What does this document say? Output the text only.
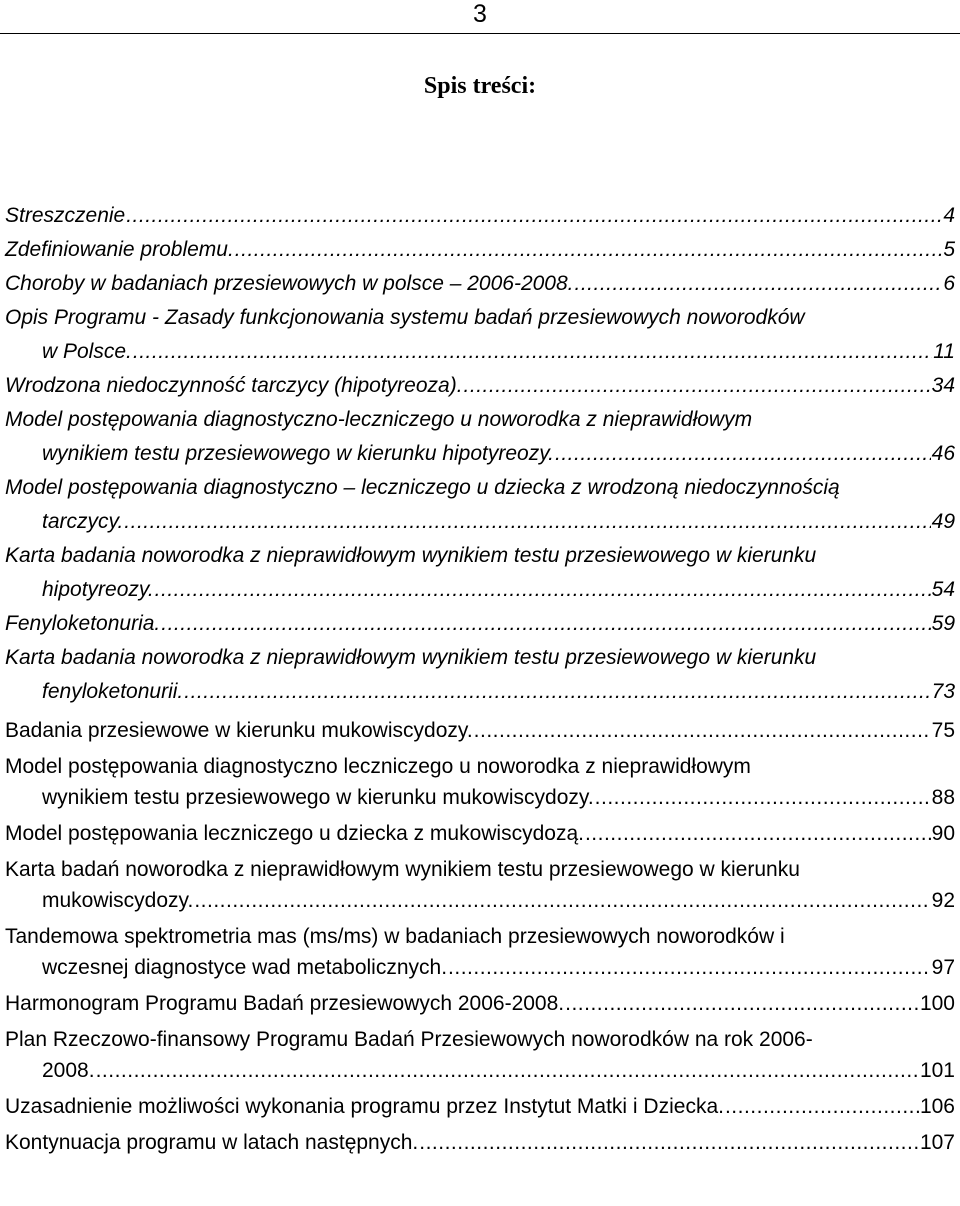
3
Spis treści:
Streszczenie .....	4
Zdefiniowanie problemu. .....	5
Choroby w badaniach przesiewowych w polsce – 2006-2008. .....	6
Opis Programu - Zasady funkcjonowania systemu badań przesiewowych noworodków
w Polsce. .....	11
Wrodzona niedoczynność tarczycy (hipotyreoza). .....	34
Model postępowania diagnostyczno-leczniczego u noworodka z nieprawidłowym
wynikiem testu przesiewowego w kierunku hipotyreozy. .....	46
Model postępowania diagnostyczno – leczniczego u dziecka z wrodzoną niedoczynnością
tarczycy. .....	49
Karta badania noworodka z nieprawidłowym wynikiem testu przesiewowego w kierunku
hipotyreozy. .....	54
Fenyloketonuria. .....	59
Karta badania noworodka z nieprawidłowym wynikiem testu przesiewowego w kierunku
fenyloketonurii. .....	73
Badania przesiewowe w kierunku mukowiscydozy. .....	75
Model postępowania diagnostyczno leczniczego u noworodka z nieprawidłowym
wynikiem testu przesiewowego w kierunku mukowiscydozy. .....	88
Model postępowania leczniczego u dziecka z mukowiscydozą. .....	90
Karta badań noworodka z nieprawidłowym wynikiem testu przesiewowego w kierunku
mukowiscydozy. .....	92
Tandemowa spektrometria mas (ms/ms) w badaniach przesiewowych noworodków i
wczesnej diagnostyce wad metabolicznych. .....	97
Harmonogram Programu Badań przesiewowych 2006-2008. .....	100
Plan Rzeczowo-finansowy Programu Badań Przesiewowych noworodków na rok 2006-
2008. .....	101
Uzasadnienie możliwości wykonania programu przez Instytut Matki i Dziecka. .....	106
Kontynuacja programu w latach następnych. .....	107
